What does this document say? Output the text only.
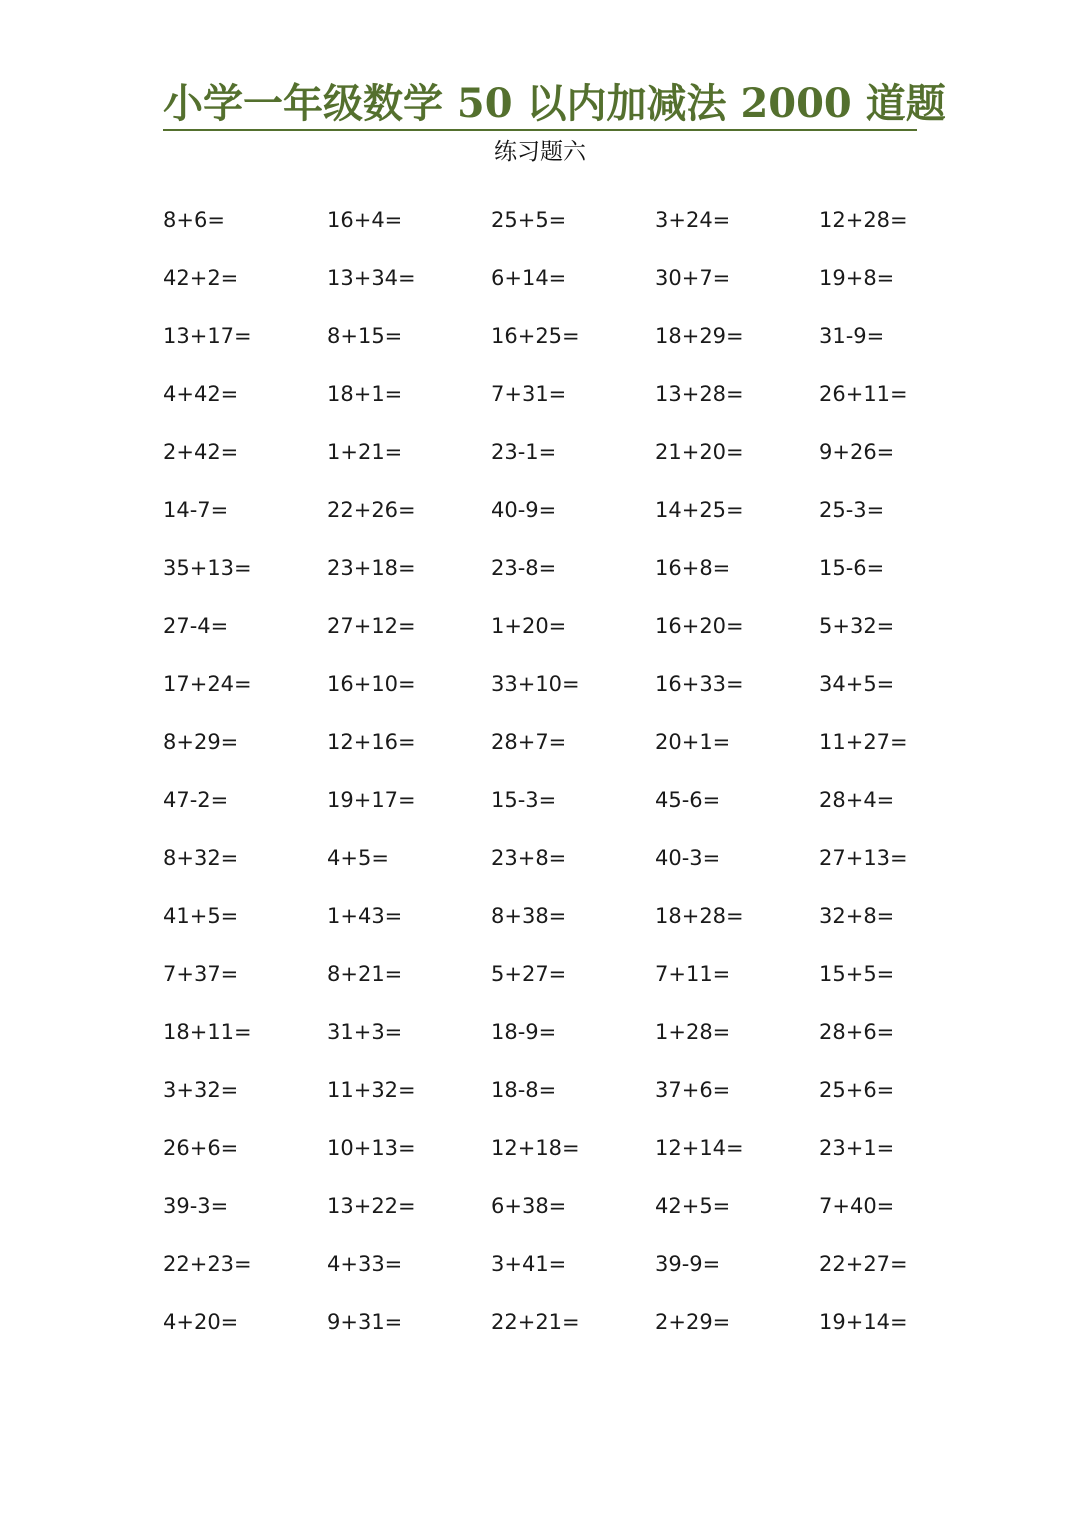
小学一年级数学 50 以内加减法 2000 道题
练习题六
8+6=	16+4=	25+5=	3+24=	12+28=
42+2=	13+34=	6+14=	30+7=	19+8=
13+17=	8+15=	16+25=	18+29=	31-9=
4+42=	18+1=	7+31=	13+28=	26+11=
2+42=	1+21=	23-1=	21+20=	9+26=
14-7=	22+26=	40-9=	14+25=	25-3=
35+13=	23+18=	23-8=	16+8=	15-6=
27-4=	27+12=	1+20=	16+20=	5+32=
17+24=	16+10=	33+10=	16+33=	34+5=
8+29=	12+16=	28+7=	20+1=	11+27=
47-2=	19+17=	15-3=	45-6=	28+4=
8+32=	4+5=	23+8=	40-3=	27+13=
41+5=	1+43=	8+38=	18+28=	32+8=
7+37=	8+21=	5+27=	7+11=	15+5=
18+11=	31+3=	18-9=	1+28=	28+6=
3+32=	11+32=	18-8=	37+6=	25+6=
26+6=	10+13=	12+18=	12+14=	23+1=
39-3=	13+22=	6+38=	42+5=	7+40=
22+23=	4+33=	3+41=	39-9=	22+27=
4+20=	9+31=	22+21=	2+29=	19+14=
